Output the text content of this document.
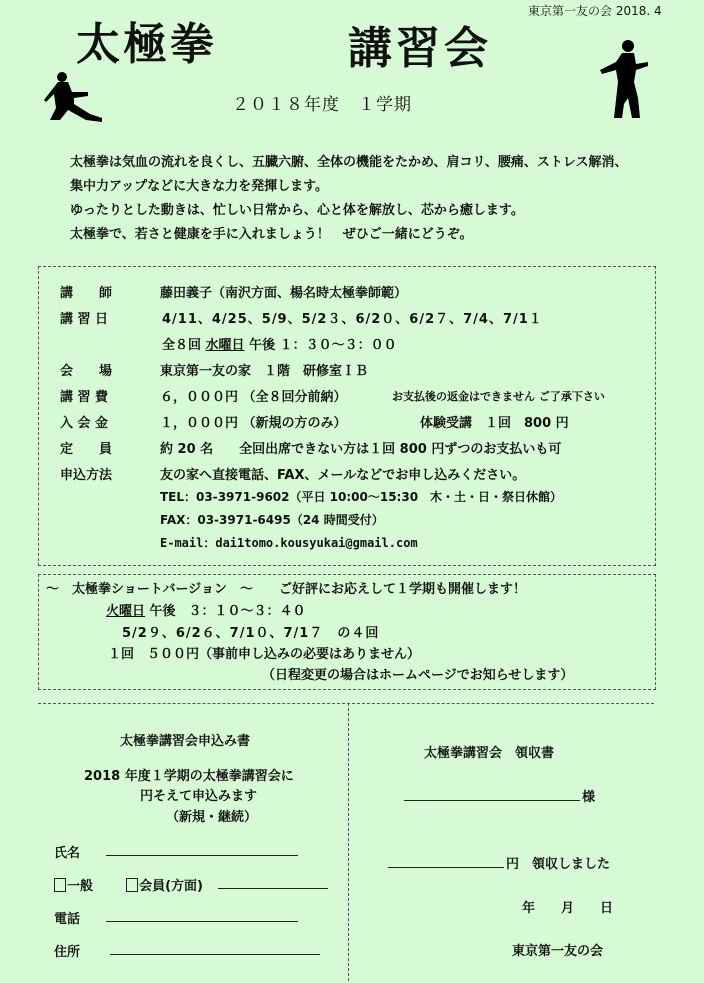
東京第一友の会 2018. 4
太極拳	講習会
２０１８年度　１学期
太極拳は気血の流れを良くし、五臓六腑、全体の機能をたかめ、肩コリ、腰痛、ストレス解消、
集中力アップなどに大きな力を発揮します。
ゆったりとした動きは、忙しい日常から、心と体を解放し、芯から癒します。
太極拳で、若さと健康を手に入れましょう！　ぜひご一緒にどうぞ。
講　　師	藤田義子（南沢方面、楊名時太極拳師範）
講 習 日	4/11、4/25、5/9、5/2３、6/2０、6/2７、7/4、7/1１
全８回 水曜日 午後 １：３０～３：００
会　　場	東京第一友の家　１階　研修室ＩＢ
講 習 費	６，０００円 （全８回分前納）	お支払後の返金はできません ご了承下さい
入 会 金	１，０００円 （新規の方のみ）	体験受講　１回　800 円
定　　員	約 20 名　　全回出席できない方は１回 800 円ずつのお支払いも可
申込方法	友の家へ直接電話、FAX、メールなどでお申し込みください。
TEL：03-3971-9602（平日 10:00～15:30　木・土・日・祭日休館）
FAX：03-3971-6495（24 時間受付）
E-mail：dai1tomo.kousyukai@gmail.com
～　太極拳ショートバージョン　～　　ご好評にお応えして１学期も開催します！
火曜日 午後　３：１０～３：４０
5/2９、6/2６、7/1０、7/1７　の４回
１回　５００円（事前申し込みの必要はありません）
（日程変更の場合はホームページでお知らせします）
太極拳講習会申込み書
2018 年度１学期の太極拳講習会に
円そえて申込みます
（新規・継続）
氏名
一般	会員(方面)
電話
住所
太極拳講習会　領収書
様
円　領収しました
年　　月　　日
東京第一友の会
